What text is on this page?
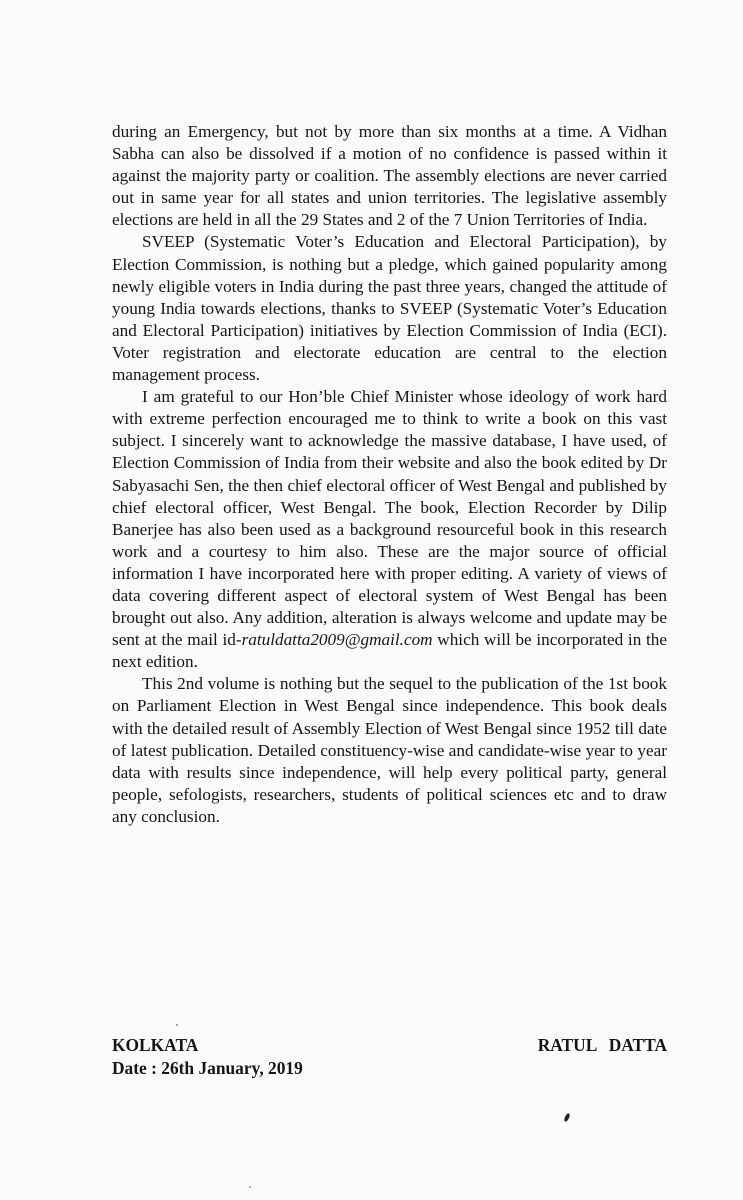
during an Emergency, but not by more than six months at a time. A Vidhan Sabha can also be dissolved if a motion of no confidence is passed within it against the majority party or coalition. The assembly elections are never carried out in same year for all states and union territories. The legislative assembly elections are held in all the 29 States and 2 of the 7 Union Territories of India.

SVEEP (Systematic Voter’s Education and Electoral Participation), by Election Commission, is nothing but a pledge, which gained popularity among newly eligible voters in India during the past three years, changed the attitude of young India towards elections, thanks to SVEEP (Systematic Voter’s Education and Electoral Participation) initiatives by Election Commission of India (ECI). Voter registration and electorate education are central to the election management process.

I am grateful to our Hon’ble Chief Minister whose ideology of work hard with extreme perfection encouraged me to think to write a book on this vast subject. I sincerely want to acknowledge the massive database, I have used, of Election Commission of India from their website and also the book edited by Dr Sabyasachi Sen, the then chief electoral officer of West Bengal and published by chief electoral officer, West Bengal. The book, Election Recorder by Dilip Banerjee has also been used as a background resourceful book in this research work and a courtesy to him also. These are the major source of official information I have incorporated here with proper editing. A variety of views of data covering different aspect of electoral system of West Bengal has been brought out also. Any addition, alteration is always welcome and update may be sent at the mail id-ratuldatta2009@gmail.com which will be incorporated in the next edition.

This 2nd volume is nothing but the sequel to the publication of the 1st book on Parliament Election in West Bengal since independence. This book deals with the detailed result of Assembly Election of West Bengal since 1952 till date of latest publication. Detailed constituency-wise and candidate-wise year to year data with results since independence, will help every political party, general people, sefologists, researchers, students of political sciences etc and to draw any conclusion.

KOLKATA	RATUL DATTA

Date : 26th January, 2019
